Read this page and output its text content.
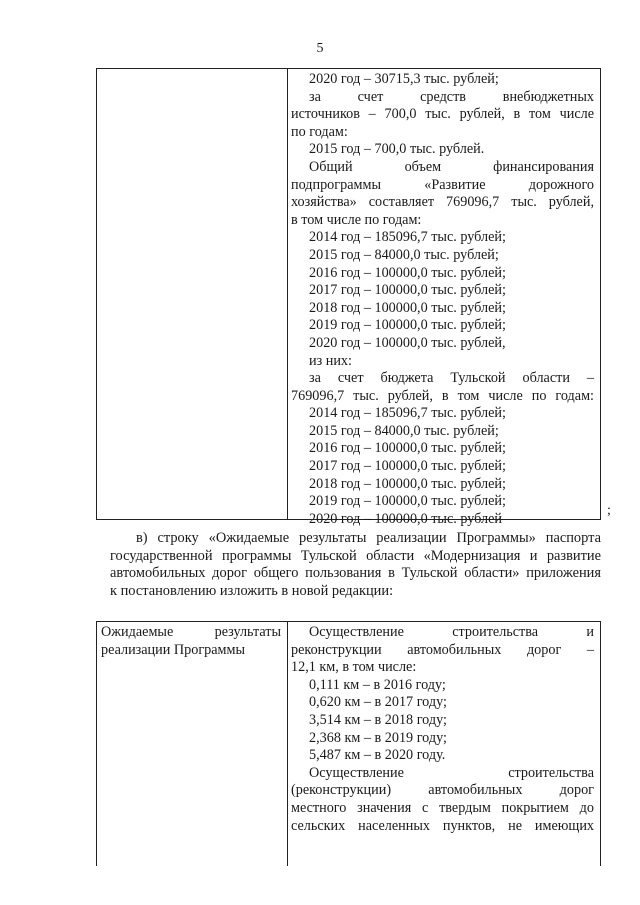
5
2020 год – 30715,3 тыс. рублей;
за счет средств внебюджетных
источников – 700,0 тыс. рублей, в том числе
по годам:
2015 год – 700,0 тыс. рублей.
Общий объем финансирования
подпрограммы «Развитие дорожного
хозяйства» составляет 769096,7 тыс. рублей,
в том числе по годам:
2014 год – 185096,7 тыс. рублей;
2015 год – 84000,0 тыс. рублей;
2016 год – 100000,0 тыс. рублей;
2017 год – 100000,0 тыс. рублей;
2018 год – 100000,0 тыс. рублей;
2019 год – 100000,0 тыс. рублей;
2020 год – 100000,0 тыс. рублей,
из них:
за счет бюджета Тульской области –
769096,7 тыс. рублей, в том числе по годам:
2014 год – 185096,7 тыс. рублей;
2015 год – 84000,0 тыс. рублей;
2016 год – 100000,0 тыс. рублей;
2017 год – 100000,0 тыс. рублей;
2018 год – 100000,0 тыс. рублей;
2019 год – 100000,0 тыс. рублей;
2020 год – 100000,0 тыс. рублей
;
в) строку «Ожидаемые результаты реализации Программы» паспорта
государственной программы Тульской области «Модернизация и развитие
автомобильных дорог общего пользования в Тульской области» приложения
к постановлению изложить в новой редакции:
Ожидаемые результаты
реализации Программы
Осуществление строительства и
реконструкции автомобильных дорог –
12,1 км, в том числе:
0,111 км – в 2016 году;
0,620 км – в 2017 году;
3,514 км – в 2018 году;
2,368 км – в 2019 году;
5,487 км – в 2020 году.
Осуществление строительства
(реконструкции) автомобильных дорог
местного значения с твердым покрытием до
сельских населенных пунктов, не имеющих
